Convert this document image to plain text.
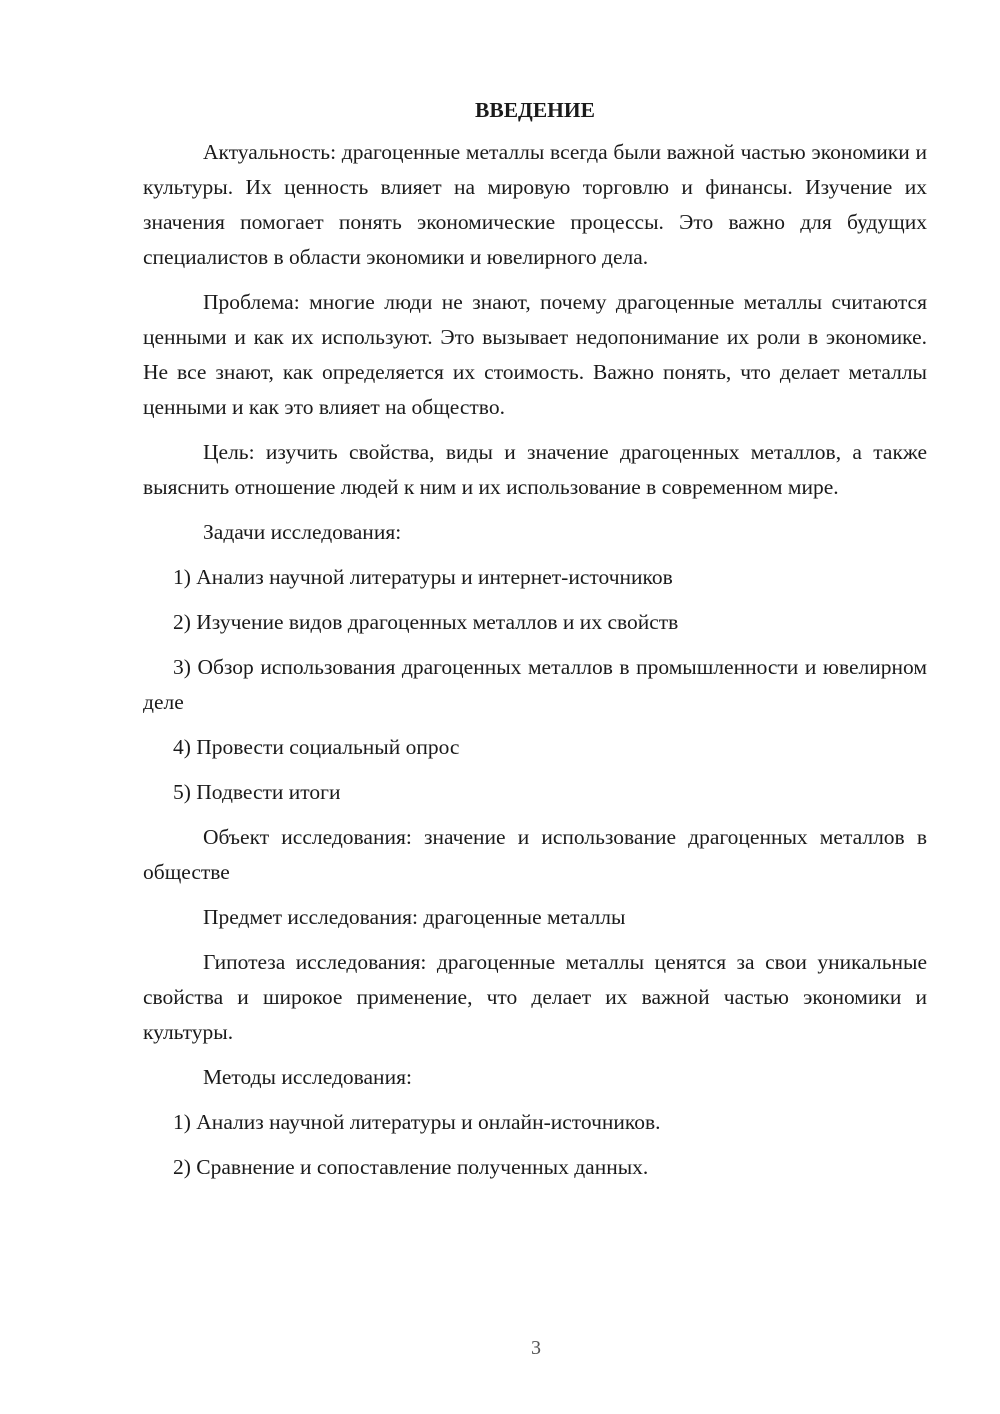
ВВЕДЕНИЕ

Актуальность: драгоценные металлы всегда были важной частью экономики и культуры. Их ценность влияет на мировую торговлю и финансы. Изучение их значения помогает понять экономические процессы. Это важно для будущих специалистов в области экономики и ювелирного дела.

Проблема: многие люди не знают, почему драгоценные металлы считаются ценными и как их используют. Это вызывает недопонимание их роли в экономике. Не все знают, как определяется их стоимость. Важно понять, что делает металлы ценными и как это влияет на общество.

Цель: изучить свойства, виды и значение драгоценных металлов, а также выяснить отношение людей к ним и их использование в современном мире.

Задачи исследования:

1) Анализ научной литературы и интернет-источников

2) Изучение видов драгоценных металлов и их свойств

3) Обзор использования драгоценных металлов в промышленности и ювелирном деле

4) Провести социальный опрос

5) Подвести итоги

Объект исследования: значение и использование драгоценных металлов в обществе

Предмет исследования: драгоценные металлы

Гипотеза исследования: драгоценные металлы ценятся за свои уникальные свойства и широкое применение, что делает их важной частью экономики и культуры.

Методы исследования:

1) Анализ научной литературы и онлайн-источников.

2) Сравнение и сопоставление полученных данных.

3
